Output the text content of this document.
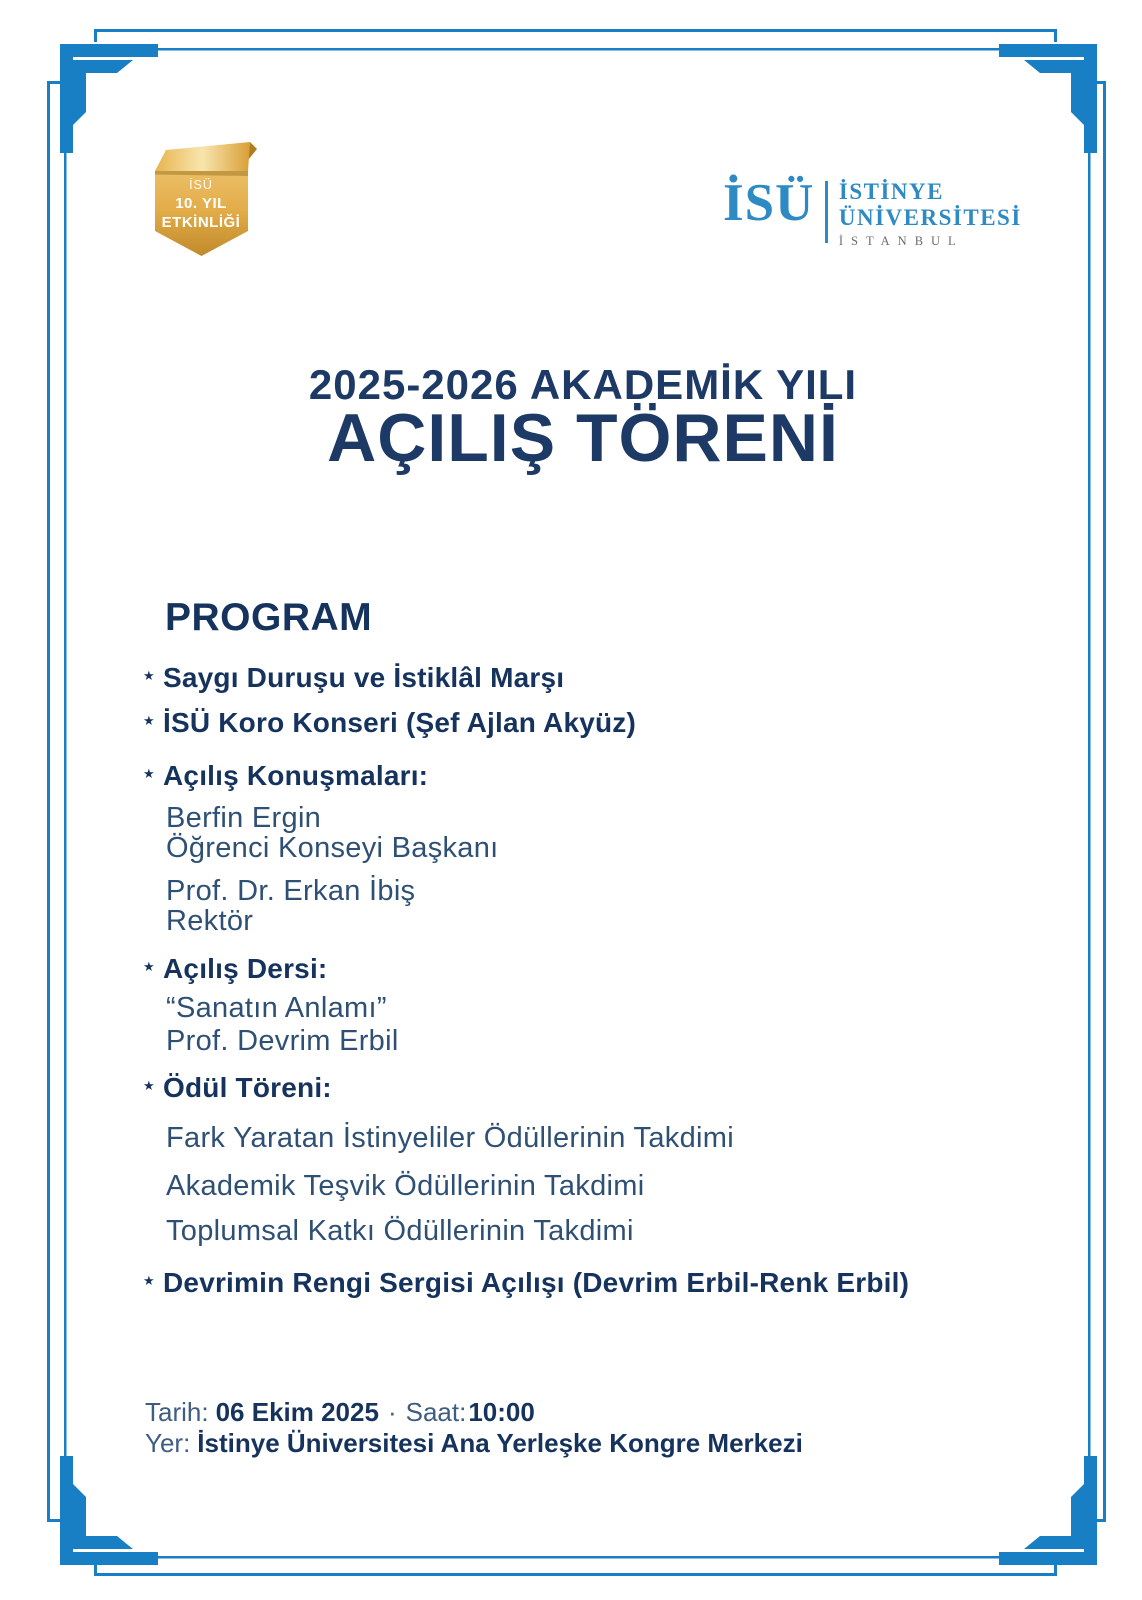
İSÜ
10. YIL
ETKİNLİĞİ	İSÜ İSTİNYE
ÜNİVERSİTESİ
İSTANBUL
2025-2026 AKADEMİK YILI
AÇILIŞ TÖRENİ
PROGRAM
★ Saygı Duruşu ve İstiklâl Marşı
★ İSÜ Koro Konseri (Şef Ajlan Akyüz)
★ Açılış Konuşmaları:
Berfin Ergin
Öğrenci Konseyi Başkanı
Prof. Dr. Erkan İbiş
Rektör
★ Açılış Dersi:
“Sanatın Anlamı”
Prof. Devrim Erbil
★ Ödül Töreni:
Fark Yaratan İstinyeliler Ödüllerinin Takdimi
Akademik Teşvik Ödüllerinin Takdimi
Toplumsal Katkı Ödüllerinin Takdimi
★ Devrimin Rengi Sergisi Açılışı (Devrim Erbil-Renk Erbil)
Tarih: 06 Ekim 2025 · Saat:10:00
Yer: İstinye Üniversitesi Ana Yerleşke Kongre Merkezi
